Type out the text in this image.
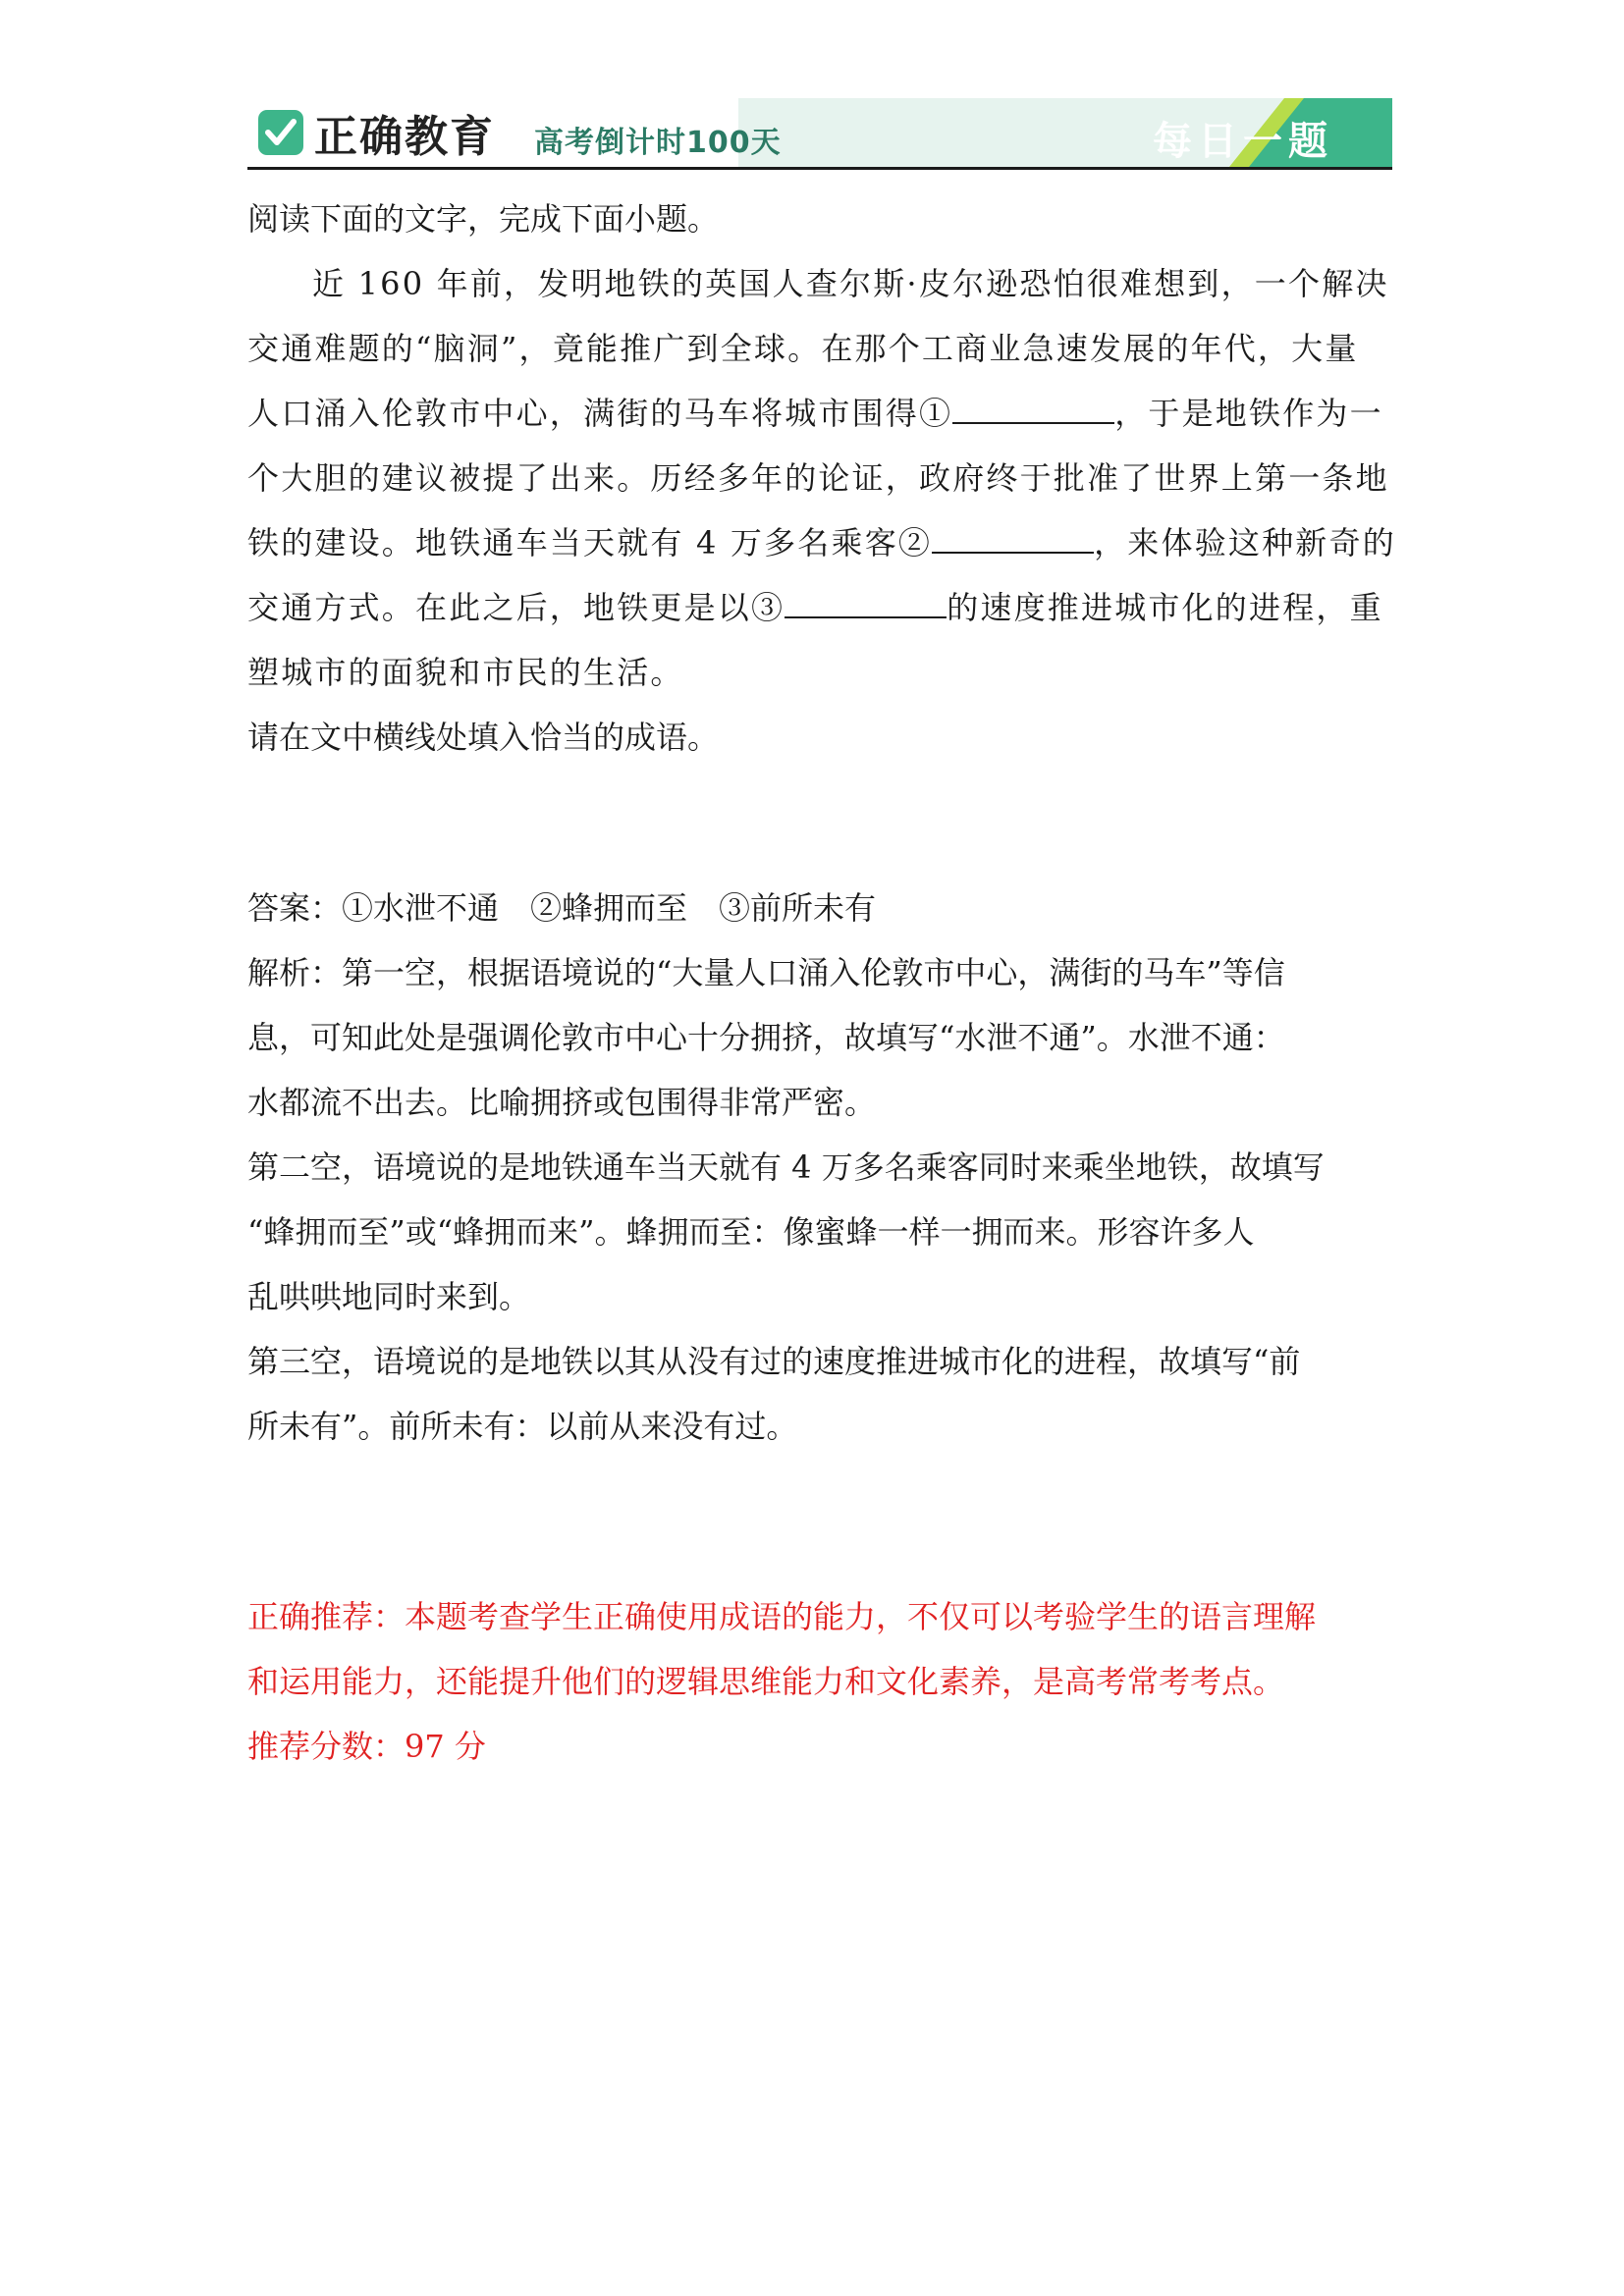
正确教育 高考倒计时100天	每日一题
阅读下面的文字，完成下面小题。
近 160 年前，发明地铁的英国人查尔斯·皮尔逊恐怕很难想到，一个解决
交通难题的“脑洞”，竟能推广到全球。在那个工商业急速发展的年代，大量
人口涌入伦敦市中心，满街的马车将城市围得①	，于是地铁作为一
个大胆的建议被提了出来。历经多年的论证，政府终于批准了世界上第一条地
铁的建设。地铁通车当天就有 4 万多名乘客②	，来体验这种新奇的
交通方式。在此之后，地铁更是以③	的速度推进城市化的进程，重
塑城市的面貌和市民的生活。
请在文中横线处填入恰当的成语。
答案：①水泄不通　②蜂拥而至　③前所未有
解析：第一空，根据语境说的“大量人口涌入伦敦市中心，满街的马车”等信
息，可知此处是强调伦敦市中心十分拥挤，故填写“水泄不通”。水泄不通：
水都流不出去。比喻拥挤或包围得非常严密。
第二空，语境说的是地铁通车当天就有 4 万多名乘客同时来乘坐地铁，故填写
“蜂拥而至”或“蜂拥而来”。蜂拥而至：像蜜蜂一样一拥而来。形容许多人
乱哄哄地同时来到。
第三空，语境说的是地铁以其从没有过的速度推进城市化的进程，故填写“前
所未有”。前所未有：以前从来没有过。
正确推荐：本题考查学生正确使用成语的能力，不仅可以考验学生的语言理解
和运用能力，还能提升他们的逻辑思维能力和文化素养，是高考常考考点。
推荐分数：97 分
